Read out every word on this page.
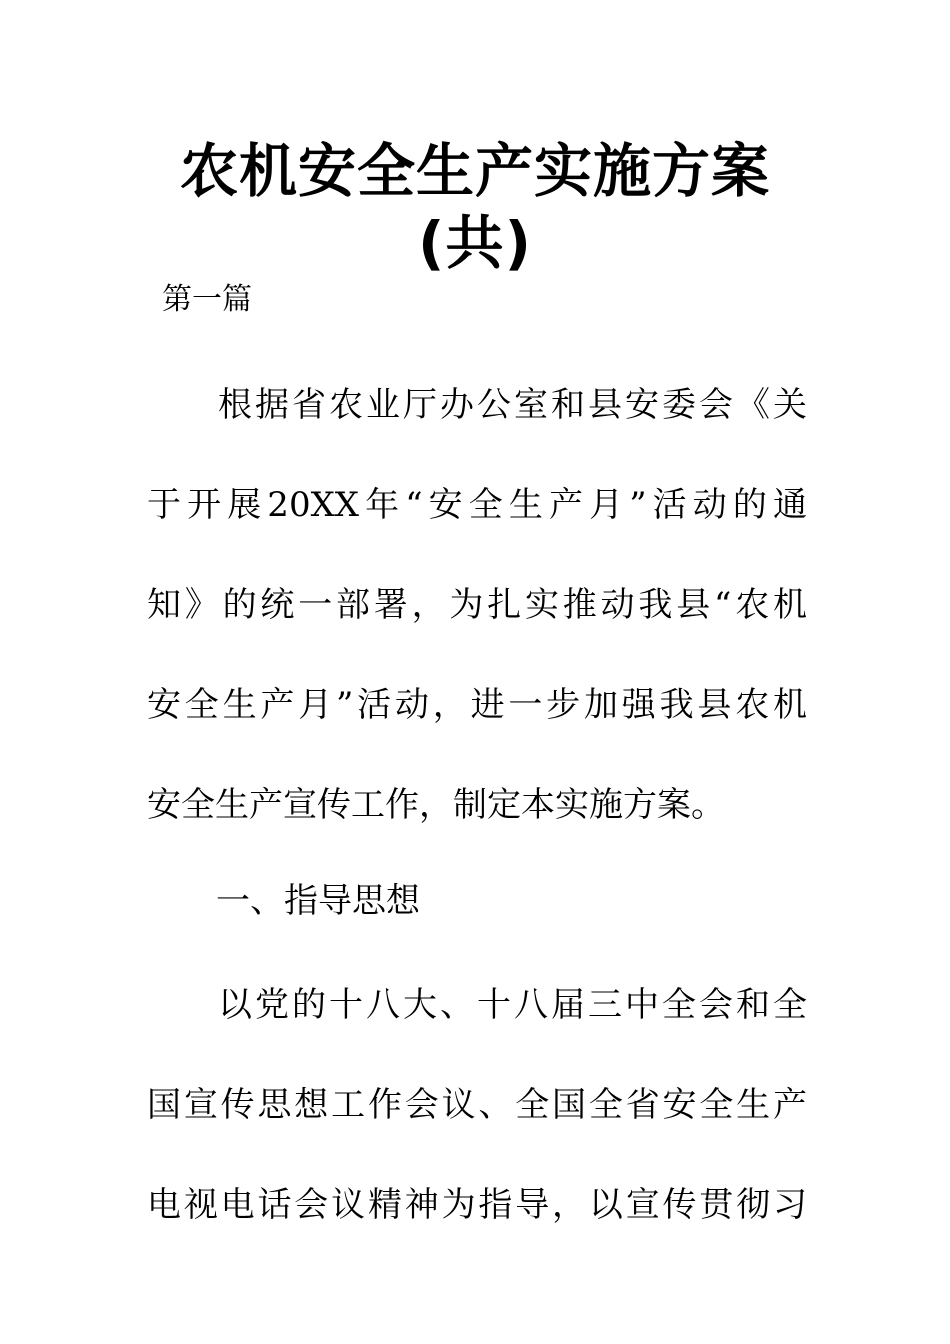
农机安全生产实施方案
(共)
第一篇
根据省农业厅办公室和县安委会《关
于开展20XX年“安全生产月”活动的通
知》的统一部署，为扎实推动我县“农机
安全生产月”活动，进一步加强我县农机
安全生产宣传工作，制定本实施方案。
一、指导思想
以党的十八大、十八届三中全会和全
国宣传思想工作会议、全国全省安全生产
电视电话会议精神为指导，以宣传贯彻习
